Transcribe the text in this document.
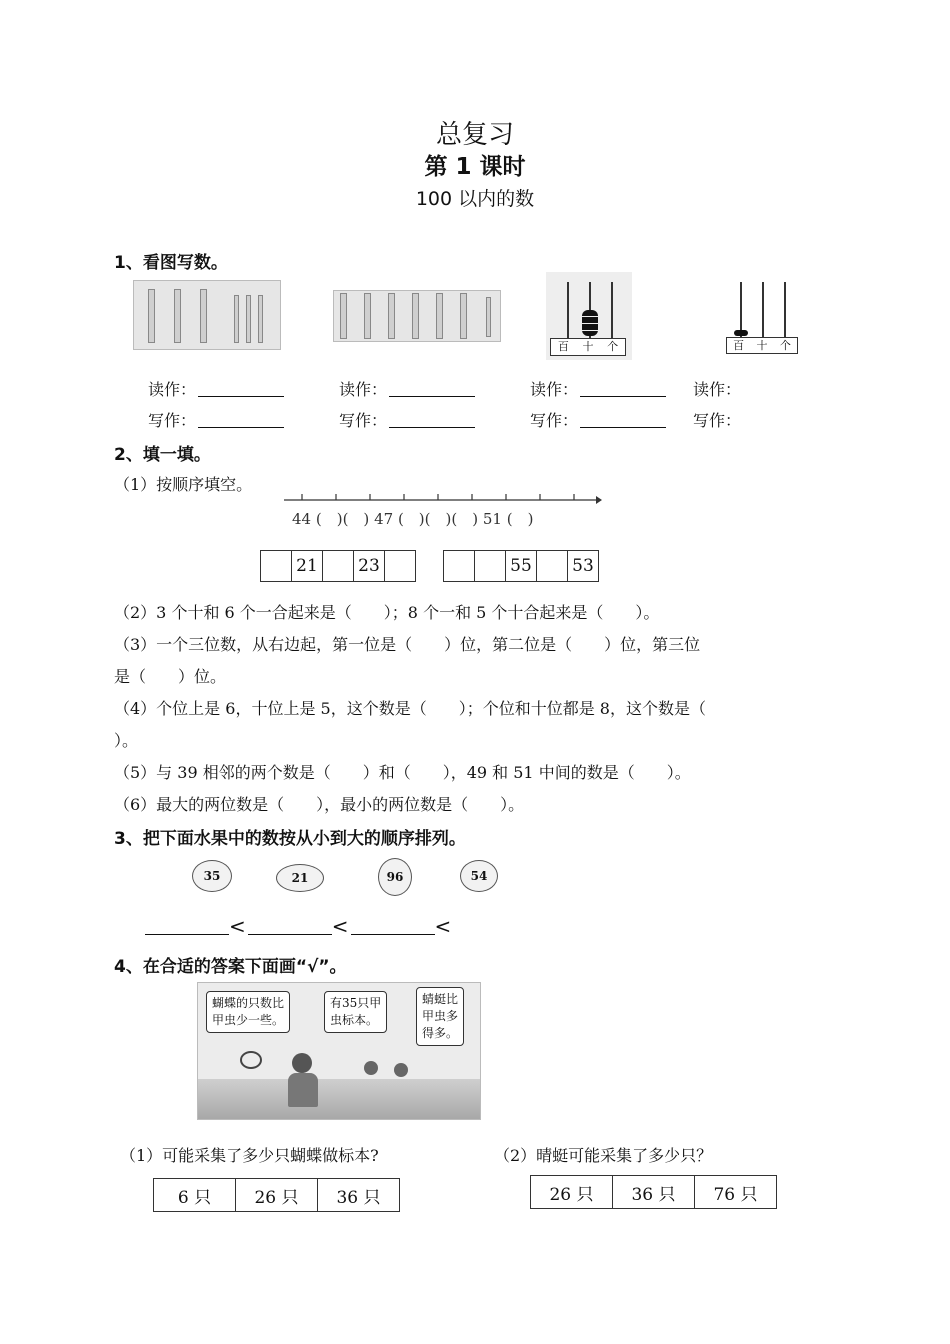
总复习
第 1 课时
100 以内的数
1、看图写数。
百 十 个	百 十 个
读作：	读作：	读作：	读作：
写作：	写作：	写作：	写作：
2、填一填。
（1）按顺序填空。
44 (　)(　) 47 (　)(　)(　) 51 (　)
	21		23	
			55		53
（2）3 个十和 6 个一合起来是（　　）；8 个一和 5 个十合起来是（　　）。
（3）一个三位数，从右边起，第一位是（　　）位，第二位是（　　）位，第三位
是（　　）位。
（4）个位上是 6，十位上是 5，这个数是（　　）；个位和十位都是 8，这个数是（
）。
（5）与 39 相邻的两个数是（　　）和（　　），49 和 51 中间的数是（　　）。
（6）最大的两位数是（　　），最小的两位数是（　　）。
3、把下面水果中的数按从小到大的顺序排列。
35	21	96	54
<	<	<
4、在合适的答案下面画“√”。
蝴蝶的只数比
甲虫少一些。
有35只甲
虫标本。
蜻蜓比
甲虫多
得多。
（1）可能采集了多少只蝴蝶做标本?	（2）晴蜓可能采集了多少只？
6 只	26 只	36 只	26 只	36 只	76 只
